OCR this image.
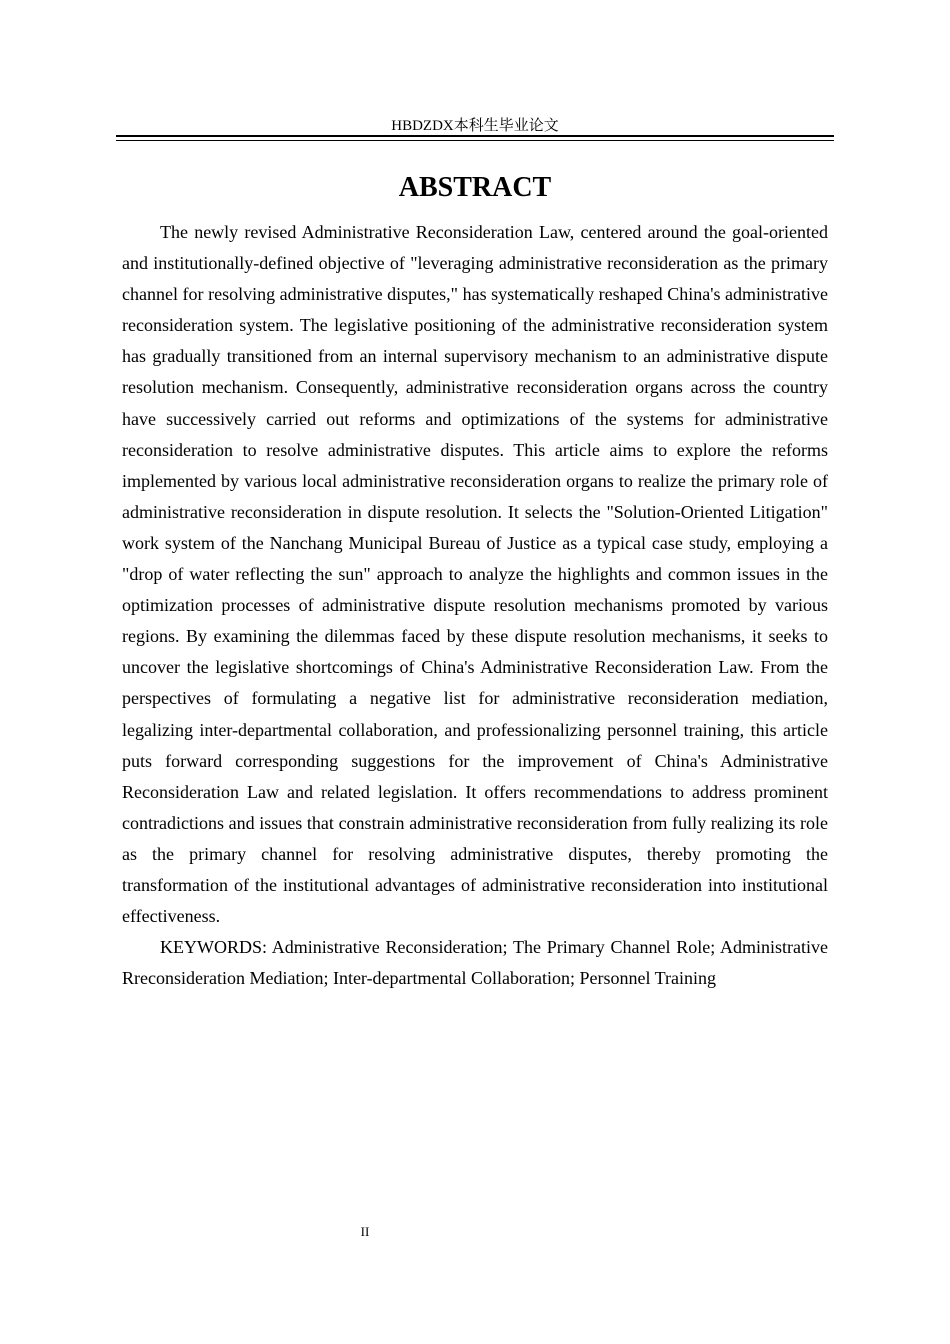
HBDZDX本科生毕业论文
ABSTRACT

The newly revised Administrative Reconsideration Law, centered around the goal-oriented and institutionally-defined objective of "leveraging administrative reconsideration as the primary channel for resolving administrative disputes," has systematically reshaped China's administrative reconsideration system. The legislative positioning of the administrative reconsideration system has gradually transitioned from an internal supervisory mechanism to an administrative dispute resolution mechanism. Consequently, administrative reconsideration organs across the country have successively carried out reforms and optimizations of the systems for administrative reconsideration to resolve administrative disputes. This article aims to explore the reforms implemented by various local administrative reconsideration organs to realize the primary role of administrative reconsideration in dispute resolution. It selects the "Solution-Oriented Litigation" work system of the Nanchang Municipal Bureau of Justice as a typical case study, employing a "drop of water reflecting the sun" approach to analyze the highlights and common issues in the optimization processes of administrative dispute resolution mechanisms promoted by various regions. By examining the dilemmas faced by these dispute resolution mechanisms, it seeks to uncover the legislative shortcomings of China's Administrative Reconsideration Law. From the perspectives of formulating a negative list for administrative reconsideration mediation, legalizing inter-departmental collaboration, and professionalizing personnel training, this article puts forward corresponding suggestions for the improvement of China's Administrative Reconsideration Law and related legislation. It offers recommendations to address prominent contradictions and issues that constrain administrative reconsideration from fully realizing its role as the primary channel for resolving administrative disputes, thereby promoting the transformation of the institutional advantages of administrative reconsideration into institutional effectiveness.

KEYWORDS: Administrative Reconsideration; The Primary Channel Role; Administrative Rreconsideration Mediation; Inter-departmental Collaboration; Personnel Training

II
